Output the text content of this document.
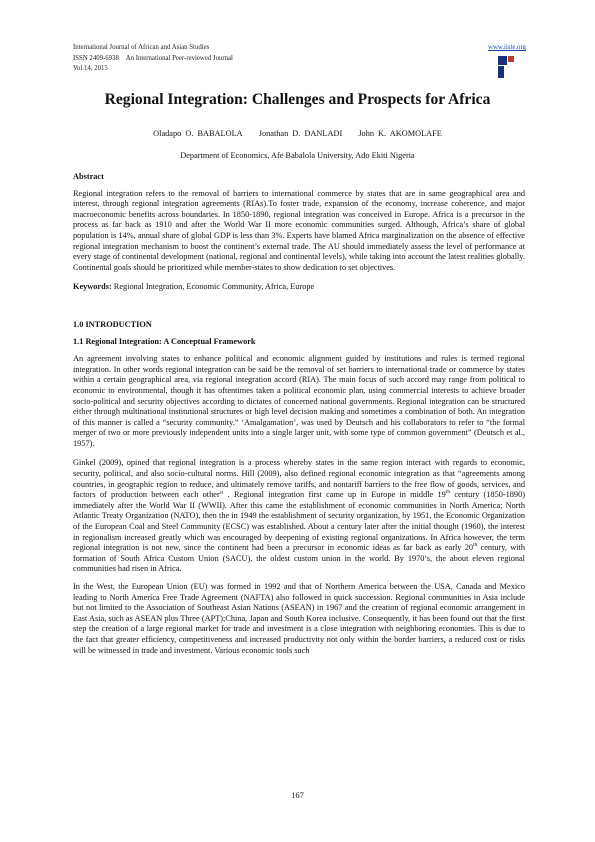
International Journal of African and Asian Studies
ISSN 2409-6938 An International Peer-reviewed Journal
Vol.14, 2015
www.iiste.org
Regional Integration: Challenges and Prospects for Africa
Oladapo O. BABALOLA Jonathan D. DANLADI John K. AKOMOLAFE
Department of Economics, Afe Babalola University, Ado Ekiti Nigeria

Abstract

Regional integration refers to the removal of barriers to international commerce by states that are in same geographical area and interest, through regional integration agreements (RIAs).To foster trade, expansion of the economy, increase coherence, and major macroeconomic benefits across boundaries. In 1850-1890, regional integration was conceived in Europe. Africa is a precursor in the process as far back as 1910 and after the World War II more economic communities surged. Although, Africa’s share of global population is 14%, annual share of global GDP is less than 3%. Experts have blamed Africa marginalization on the absence of effective regional integration mechanism to boost the continent’s external trade. The AU should immediately assess the level of performance at every stage of continental development (national, regional and continental levels), while taking into account the latest realities globally. Continental goals should be prioritized while member-states to show dedication to set objectives.

Keywords: Regional Integration, Economic Community, Africa, Europe

1.0 INTRODUCTION

1.1 Regional Integration: A Conceptual Framework

An agreement involving states to enhance political and economic alignment guided by institutions and rules is termed regional integration. In other words regional integration can be said be the removal of set barriers to international trade or commerce by states within a certain geographical area, via regional integration accord (RIA). The main focus of such accord may range from political to economic to environmental, though it has oftentimes taken a political economic plan, using commercial interests to achieve broader socio-political and security objectives according to dictates of concerned national governments. Regional integration can be structured either through multinational institutional structures or high level decision making and sometimes a combination of both. An integration of this manner is called a “security community.” ‘Amalgamation’, was used by Deutsch and his collaborators to refer to “the formal merger of two or more previously independent units into a single larger unit, with some type of common government” (Deutsch et al., 1957).

Ginkel (2009), opined that regional integration is a process whereby states in the same region interact with regards to economic, security, political, and also socio-cultural norms. Hill (2009), also defined regional economic integration as that “agreements among countries, in geographic region to reduce, and ultimately remove tariffs, and nontariff barriers to the free flow of goods, services, and factors of production between each other” . Regional integration first came up in Europe in middle 19th century (1850-1890) immediately after the World War II (WWII). After this came the establishment of economic communities in North America; North Atlantic Treaty Organization (NATO), then the in 1949 the establishment of security organization, by 1951, the Economic Organization of the European Coal and Steel Community (ECSC) was established. About a century later after the initial thought (1960), the interest in regionalism increased greatly which was encouraged by deepening of existing regional organizations. In Africa however, the term regional integration is not new, since the continent had been a precursor in economic ideas as far back as early 20th century, with formation of South Africa Custom Union (SACU), the oldest custom union in the world. By 1970’s, the about eleven regional communities had risen in Africa.

In the West, the European Union (EU) was formed in 1992 and that of Northern America between the USA, Canada and Mexico leading to North America Free Trade Agreement (NAFTA) also followed in quick succession. Regional communities in Asia include but not limited to the Association of Southeast Asian Nations (ASEAN) in 1967 and the creation of regional economic arrangement in East Asia, such as ASEAN plus Three (APT);China, Japan and South Korea inclusive. Consequently, it has been found out that the first step the creation of a large regional market for trade and investment is a close integration with neighboring economies. This is due to the fact that greater efficiency, competitiveness and increased productivity not only within the border barriers, a reduced cost or risks will be witnessed in trade and investment. Various economic tools such

167
